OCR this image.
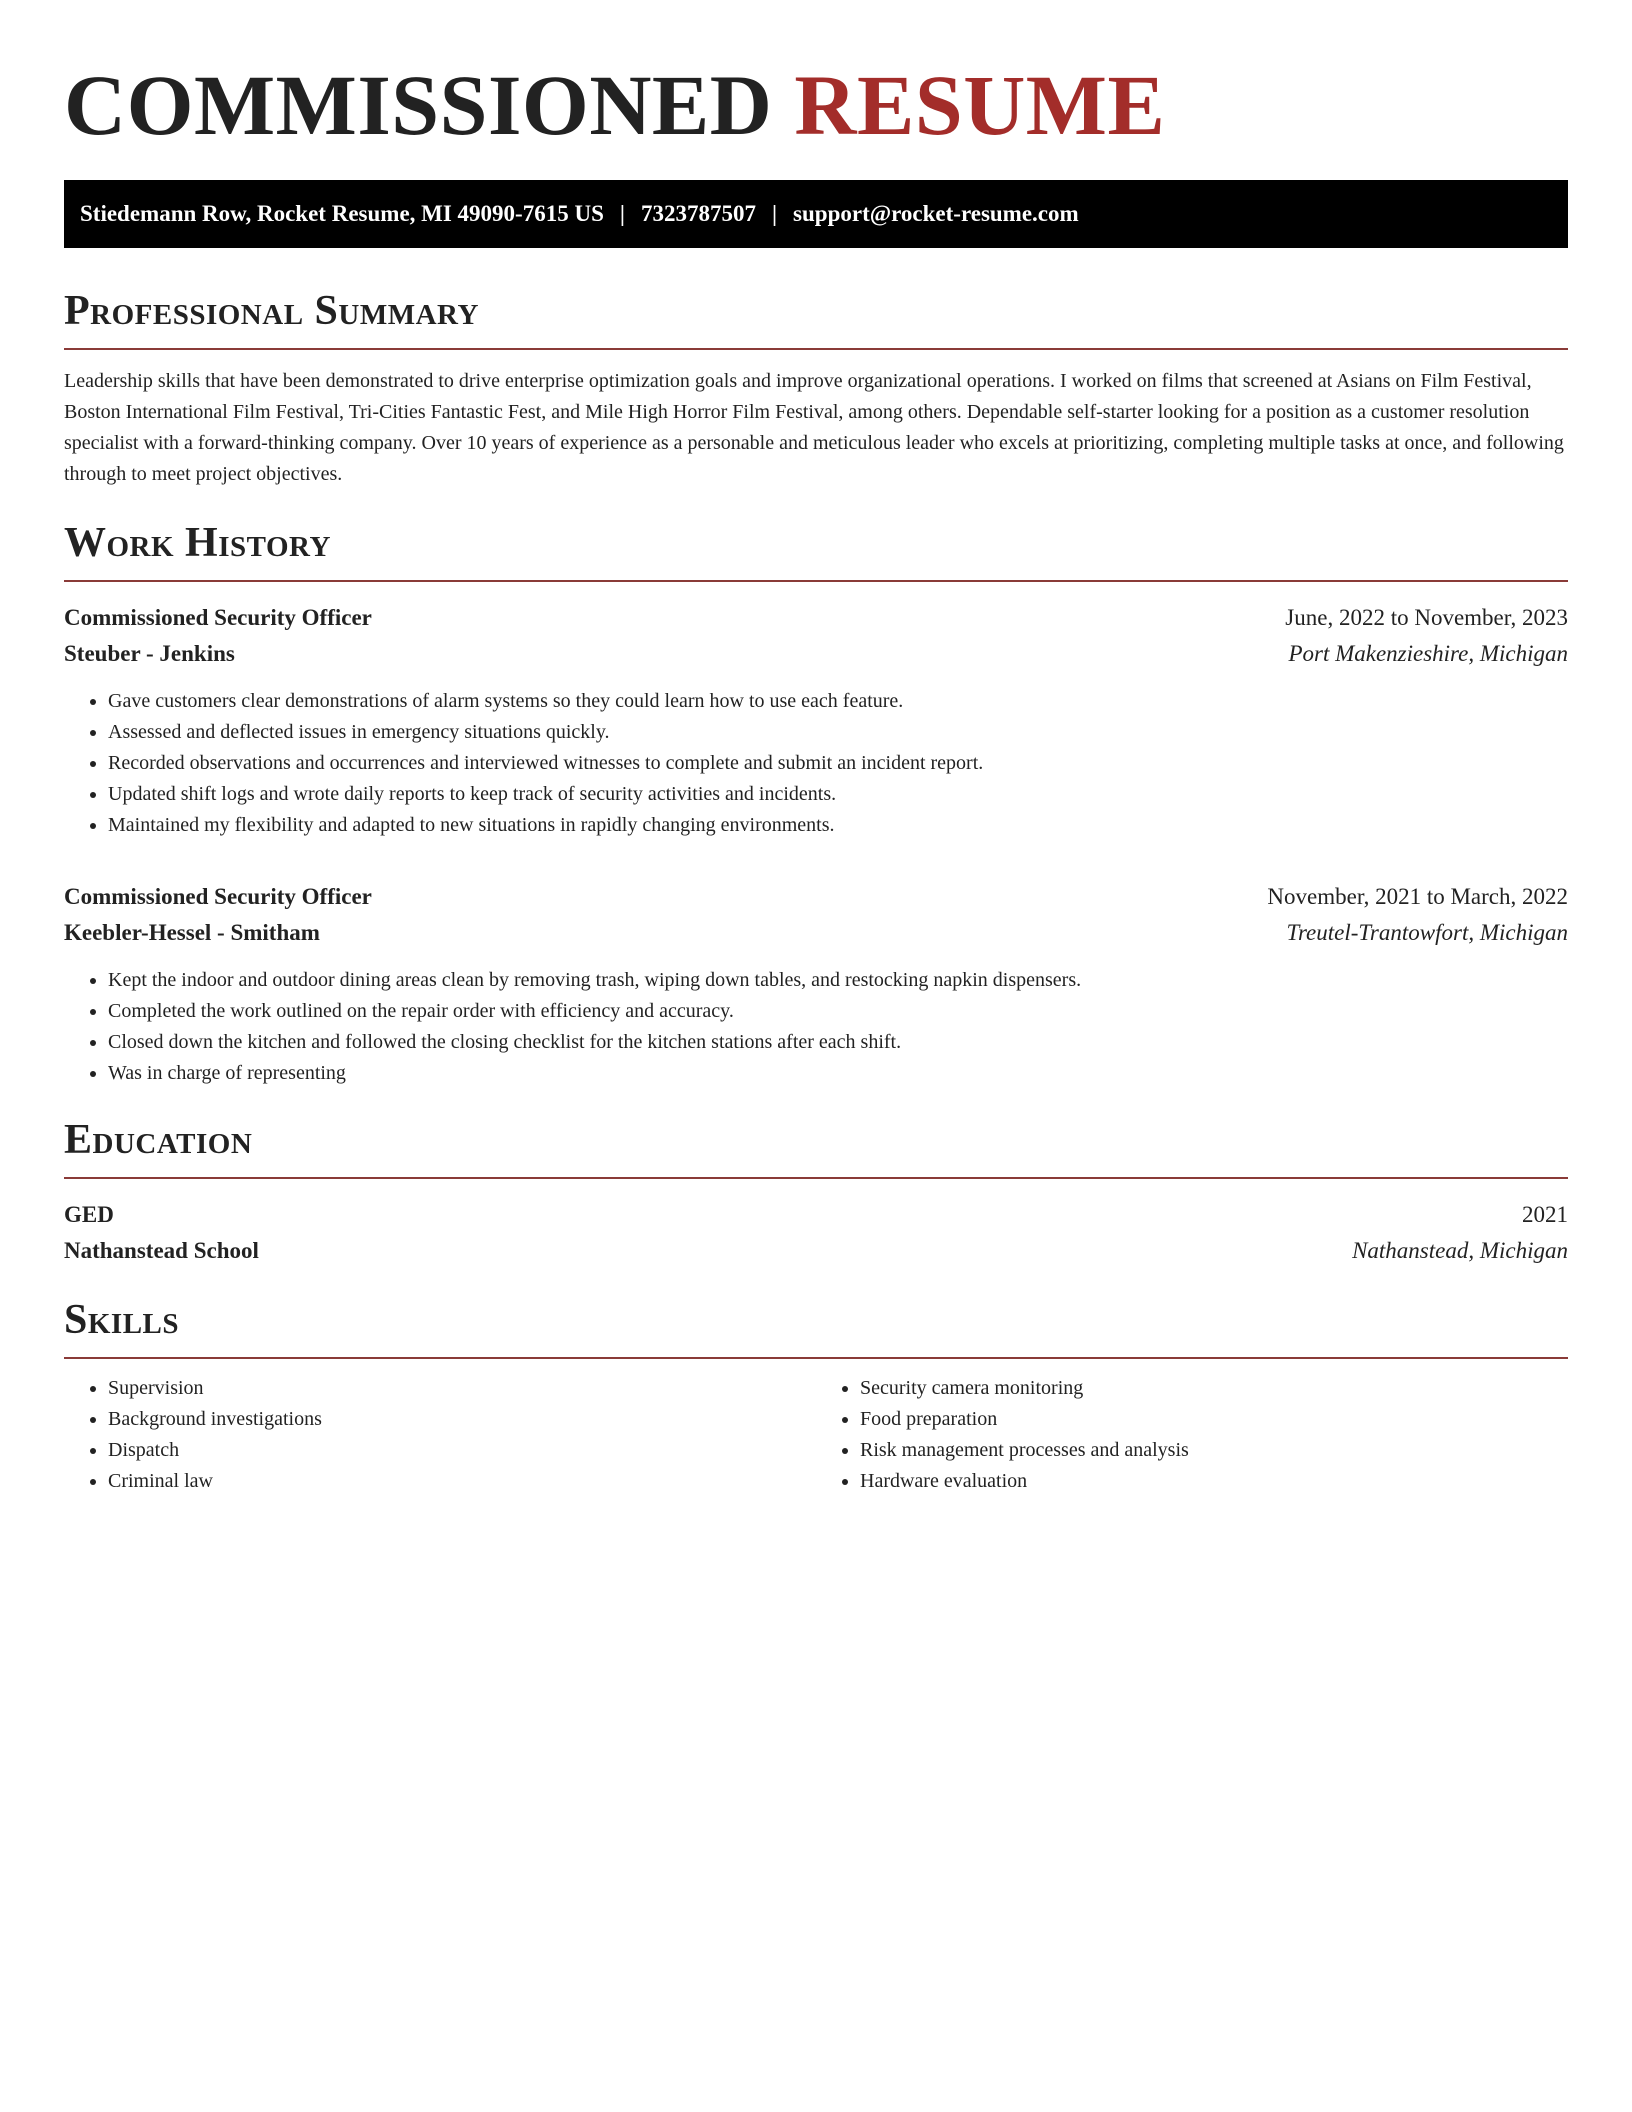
COMMISSIONED RESUME
Stiedemann Row, Rocket Resume, MI 49090-7615 US | 7323787507 | support@rocket-resume.com
Professional Summary

Leadership skills that have been demonstrated to drive enterprise optimization goals and improve organizational operations. I worked on films that screened at Asians on Film Festival, Boston International Film Festival, Tri-Cities Fantastic Fest, and Mile High Horror Film Festival, among others. Dependable self-starter looking for a position as a customer resolution specialist with a forward-thinking company. Over 10 years of experience as a personable and meticulous leader who excels at prioritizing, completing multiple tasks at once, and following through to meet project objectives.

Work History
Commissioned Security Officer	June, 2022 to November, 2023
Steuber - Jenkins	Port Makenzieshire, Michigan
• Gave customers clear demonstrations of alarm systems so they could learn how to use each feature.
• Assessed and deflected issues in emergency situations quickly.
• Recorded observations and occurrences and interviewed witnesses to complete and submit an incident report.
• Updated shift logs and wrote daily reports to keep track of security activities and incidents.
• Maintained my flexibility and adapted to new situations in rapidly changing environments.
Commissioned Security Officer	November, 2021 to March, 2022
Keebler-Hessel - Smitham	Treutel-Trantowfort, Michigan
• Kept the indoor and outdoor dining areas clean by removing trash, wiping down tables, and restocking napkin dispensers.
• Completed the work outlined on the repair order with efficiency and accuracy.
• Closed down the kitchen and followed the closing checklist for the kitchen stations after each shift.
• Was in charge of representing
Education
GED	2021
Nathanstead School	Nathanstead, Michigan
Skills
• Supervision
• Background investigations
• Dispatch
• Criminal law
• Security camera monitoring
• Food preparation
• Risk management processes and analysis
• Hardware evaluation
